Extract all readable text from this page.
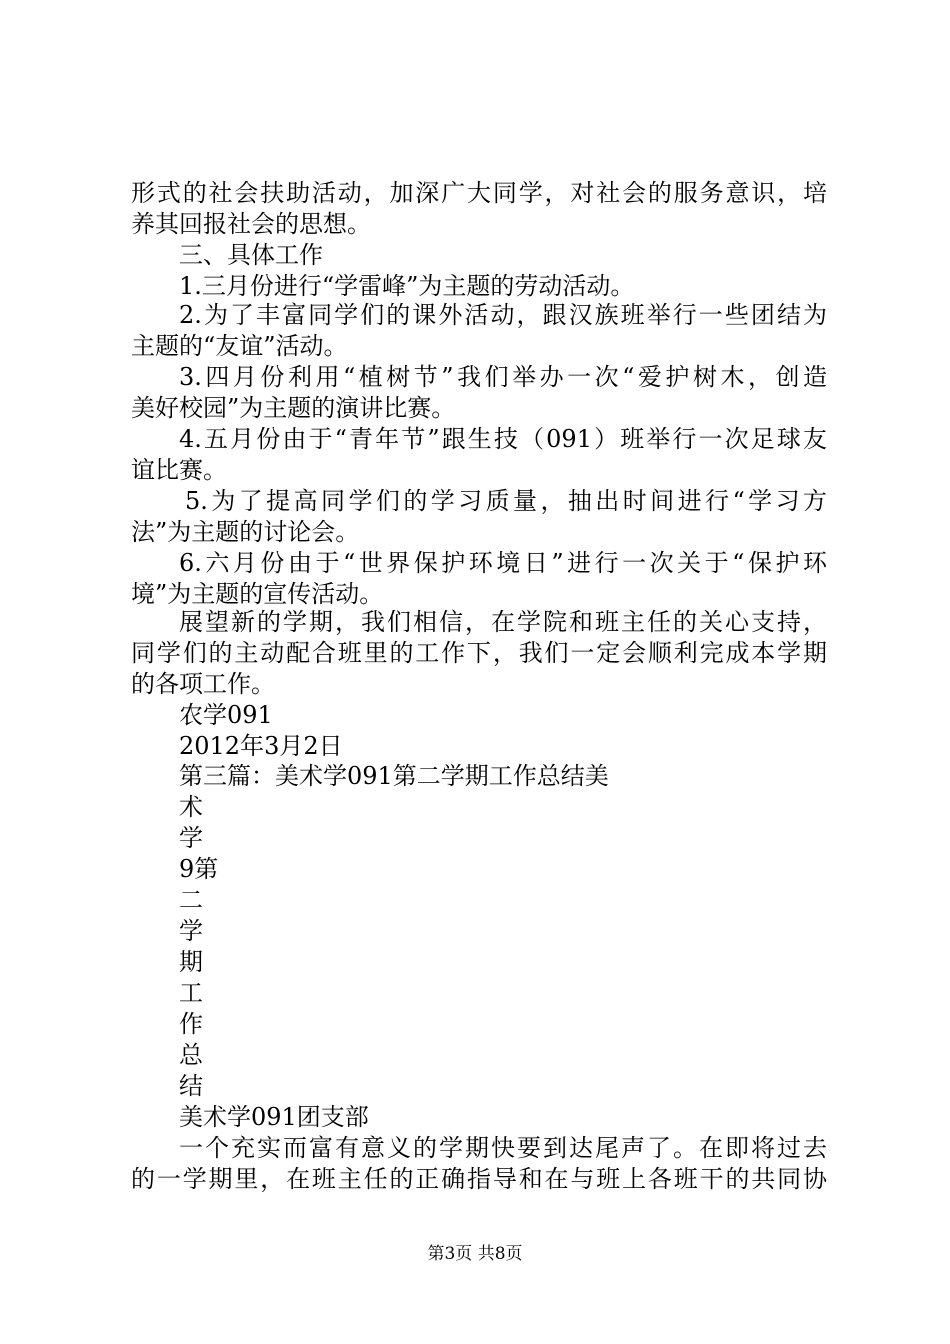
形式的社会扶助活动，加深广大同学，对社会的服务意识，培
养其回报社会的思想。
三、具体工作
1.三月份进行“学雷峰”为主题的劳动活动。
2.为了丰富同学们的课外活动，跟汉族班举行一些团结为
主题的“友谊”活动。
3.四月份利用“植树节”我们举办一次“爱护树木，创造
美好校园”为主题的演讲比赛。
4.五月份由于“青年节”跟生技（091）班举行一次足球友
谊比赛。
5.为了提高同学们的学习质量，抽出时间进行“学习方
法”为主题的讨论会。
6.六月份由于“世界保护环境日”进行一次关于“保护环
境”为主题的宣传活动。
展望新的学期，我们相信，在学院和班主任的关心支持，
同学们的主动配合班里的工作下，我们一定会顺利完成本学期
的各项工作。
农学091
2012年3月2日
第三篇：美术学091第二学期工作总结美
术
学
9第
二
学
期
工
作
总
结
美术学091团支部
一个充实而富有意义的学期快要到达尾声了。在即将过去
的一学期里，在班主任的正确指导和在与班上各班干的共同协
第3页 共8页
